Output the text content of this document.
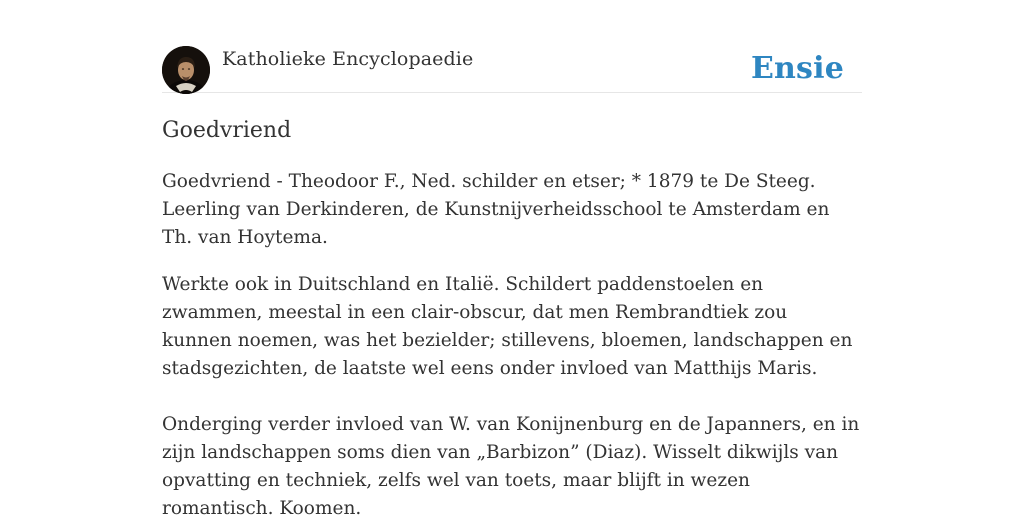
Katholieke Encyclopaedie	Ensie
Goedvriend

Goedvriend - Theodoor F., Ned. schilder en etser; * 1879 te De Steeg. Leerling van Derkinderen, de Kunstnijverheidsschool te Amsterdam en Th. van Hoytema.

Werkte ook in Duitschland en Italië. Schildert paddenstoelen en zwammen, meestal in een clair-obscur, dat men Rembrandtiek zou kunnen noemen, was het bezielder; stillevens, bloemen, landschappen en stadsgezichten, de laatste wel eens onder invloed van Matthijs Maris.

Onderging verder invloed van W. van Konijnenburg en de Japanners, en in zijn landschappen soms dien van „Barbizon” (Diaz). Wisselt dikwijls van opvatting en techniek, zelfs wel van toets, maar blijft in wezen romantisch. Koomen.
